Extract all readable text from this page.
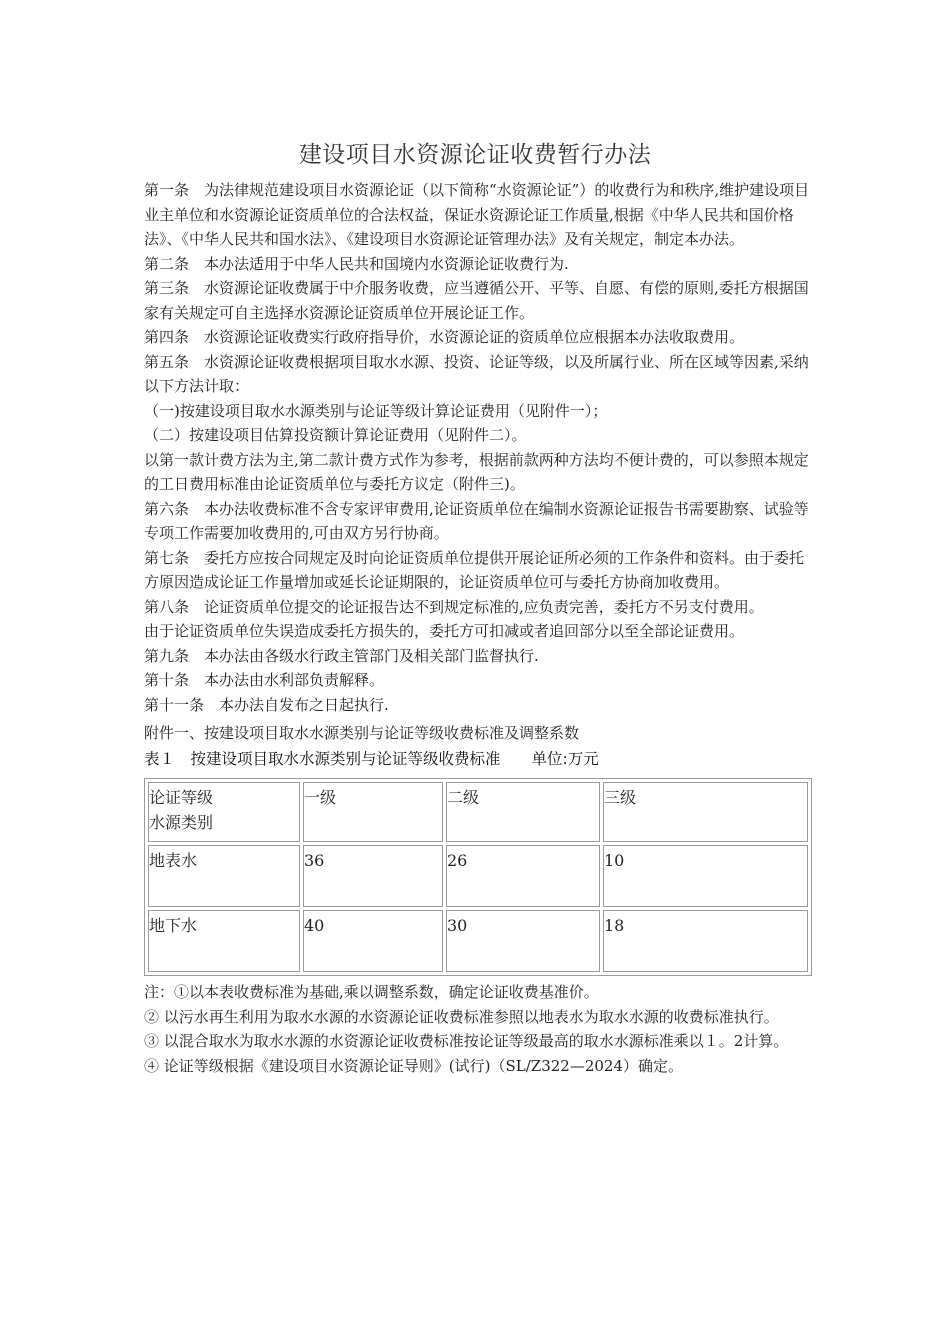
建设项目水资源论证收费暂行办法

第一条　为法律规范建设项目水资源论证（以下简称“水资源论证”）的收费行为和秩序,维护建设项目业主单位和水资源论证资质单位的合法权益，保证水资源论证工作质量,根据《中华人民共和国价格法》、《中华人民共和国水法》、《建设项目水资源论证管理办法》及有关规定，制定本办法。

第二条　本办法适用于中华人民共和国境内水资源论证收费行为.

第三条　水资源论证收费属于中介服务收费，应当遵循公开、平等、自愿、有偿的原则,委托方根据国家有关规定可自主选择水资源论证资质单位开展论证工作。

第四条　水资源论证收费实行政府指导价，水资源论证的资质单位应根据本办法收取费用。

第五条　水资源论证收费根据项目取水水源、投资、论证等级，以及所属行业、所在区域等因素,采纳以下方法计取：

（一)按建设项目取水水源类别与论证等级计算论证费用（见附件一）；

（二）按建设项目估算投资额计算论证费用（见附件二）。

以第一款计费方法为主,第二款计费方式作为参考，根据前款两种方法均不便计费的，可以参照本规定的工日费用标准由论证资质单位与委托方议定（附件三)。

第六条　本办法收费标准不含专家评审费用,论证资质单位在编制水资源论证报告书需要勘察、试验等专项工作需要加收费用的,可由双方另行协商。

第七条　委托方应按合同规定及时向论证资质单位提供开展论证所必须的工作条件和资料。由于委托方原因造成论证工作量增加或延长论证期限的，论证资质单位可与委托方协商加收费用。

第八条　论证资质单位提交的论证报告达不到规定标准的,应负责完善，委托方不另支付费用。

由于论证资质单位失误造成委托方损失的，委托方可扣减或者追回部分以至全部论证费用。

第九条　本办法由各级水行政主管部门及相关部门监督执行.

第十条　本办法由水利部负责解释。

第十一条　本办法自发布之日起执行.

附件一、按建设项目取水水源类别与论证等级收费标准及调整系数

表１　按建设项目取水水源类别与论证等级收费标准　　单位:万元

论证等级
水源类别	一级	二级	三级
地表水	36	26	10
地下水	40	30	18

注：①以本表收费标准为基础,乘以调整系数，确定论证收费基准价。

② 以污水再生利用为取水水源的水资源论证收费标准参照以地表水为取水水源的收费标准执行。

③ 以混合取水为取水水源的水资源论证收费标准按论证等级最高的取水水源标准乘以１。2计算。

④ 论证等级根据《建设项目水资源论证导则》(试行)（SL/Z322—2024）确定。
